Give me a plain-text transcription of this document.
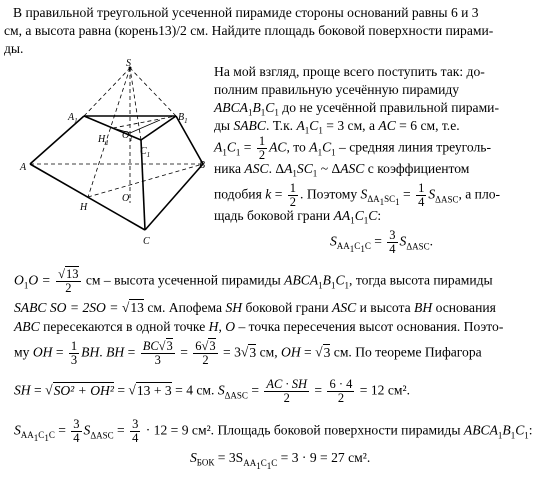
В правильной треугольной усеченной пирамиде стороны оснований равны 6 и 3
см, а высота равна (корень13)/2 см. Найдите площадь боковой поверхности пирами-
ды.
S
$A_1$	$B_1$
$H_1$
$O_1$
$C_1$
A	B
C
O
H
На мой взгляд, проще всего поступить так: до-
полним правильную усечённую пирамиду
$ABCA_1B_1C_1$ до не усечённой правильной пирами-
ды SABC. Т.к. $A_1C_1 = 3$ см, а AC = 6 см, т.е.
$A_1C_1 = \frac{1}{2}$ AC, то $A_1C_1$ – средняя линия треуголь-
ника ASC. $\Delta A_1SC_1$ ~ ΔASC с коэффициентом
подобия $k = \frac{1}{2}$ . Поэтому $S_{\Delta A_1SC_1} = \frac{1}{4} S_{\Delta ASC}$, а пло-
щадь боковой грани $AA_1C_1C$:
$S_{AA_1C_1C} = \frac{3}{4} S_{\Delta ASC}$.
$O_1O = \frac{√13}{2}$ см – высота усеченной пирамиды $ABCA_1B_1C_1$, тогда высота пирамиды
SABC SO = 2SO = √13 см. Апофема SH боковой грани ASC и высота BH основания
ABC пересекаются в одной точке H, O – точка пересечения высот основания. Поэто-
му OH = $\frac{1}{3}$ BH. BH = $\frac{BC√3}{3} = \frac{6√3}{2} = 3√3$ см, OH = √3 см. По теореме Пифагора
SH = √SO² + OH² = √13 + 3 = 4 см. $S_{\Delta ASC} = \frac{AC \cdot SH}{2} = \frac{6 \cdot 4}{2} = 12$ см².
$S_{AA_1C_1C} = \frac{3}{4} S_{\Delta ASC} = \frac{3}{4} \cdot 12 = 9$ см². Площадь боковой поверхности пирамиды $ABCA_1B_1C_1$:
$S_{БОК} = 3S_{AA_1C_1C} = 3 \cdot 9 = 27$ см².
